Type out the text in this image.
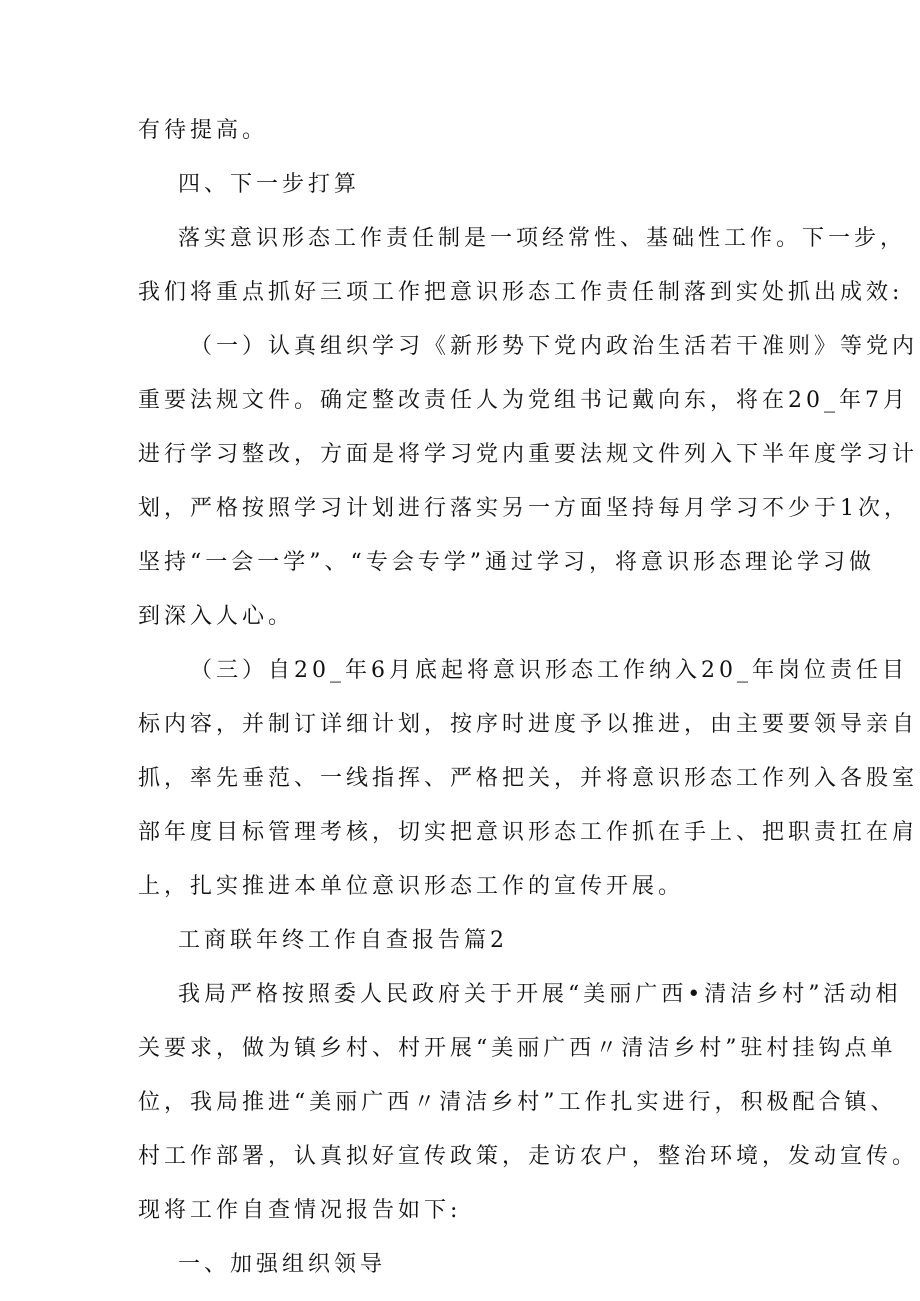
有待提高。
四、下一步打算
落实意识形态工作责任制是一项经常性、基础性工作。下一步，
我们将重点抓好三项工作把意识形态工作责任制落到实处抓出成效:
（一）认真组织学习《新形势下党内政治生活若干准则》等党内
重要法规文件。确定整改责任人为党组书记戴向东，将在20_年7月
进行学习整改，方面是将学习党内重要法规文件列入下半年度学习计
划，严格按照学习计划进行落实另一方面坚持每月学习不少于1次，
坚持“一会一学”、“专会专学”通过学习，将意识形态理论学习做
到深入人心。
（三）自20_年6月底起将意识形态工作纳入20_年岗位责任目
标内容，并制订详细计划，按序时进度予以推进，由主要要领导亲自
抓，率先垂范、一线指挥、严格把关，并将意识形态工作列入各股室
部年度目标管理考核，切实把意识形态工作抓在手上、把职责扛在肩
上，扎实推进本单位意识形态工作的宣传开展。
工商联年终工作自查报告篇2
我局严格按照委人民政府关于开展“美丽广西•清洁乡村”活动相
关要求，做为镇乡村、村开展“美丽广西〃清洁乡村”驻村挂钩点单
位，我局推进“美丽广西〃清洁乡村”工作扎实进行，积极配合镇、
村工作部署，认真拟好宣传政策，走访农户，整治环境，发动宣传。
现将工作自查情况报告如下:
一、加强组织领导
